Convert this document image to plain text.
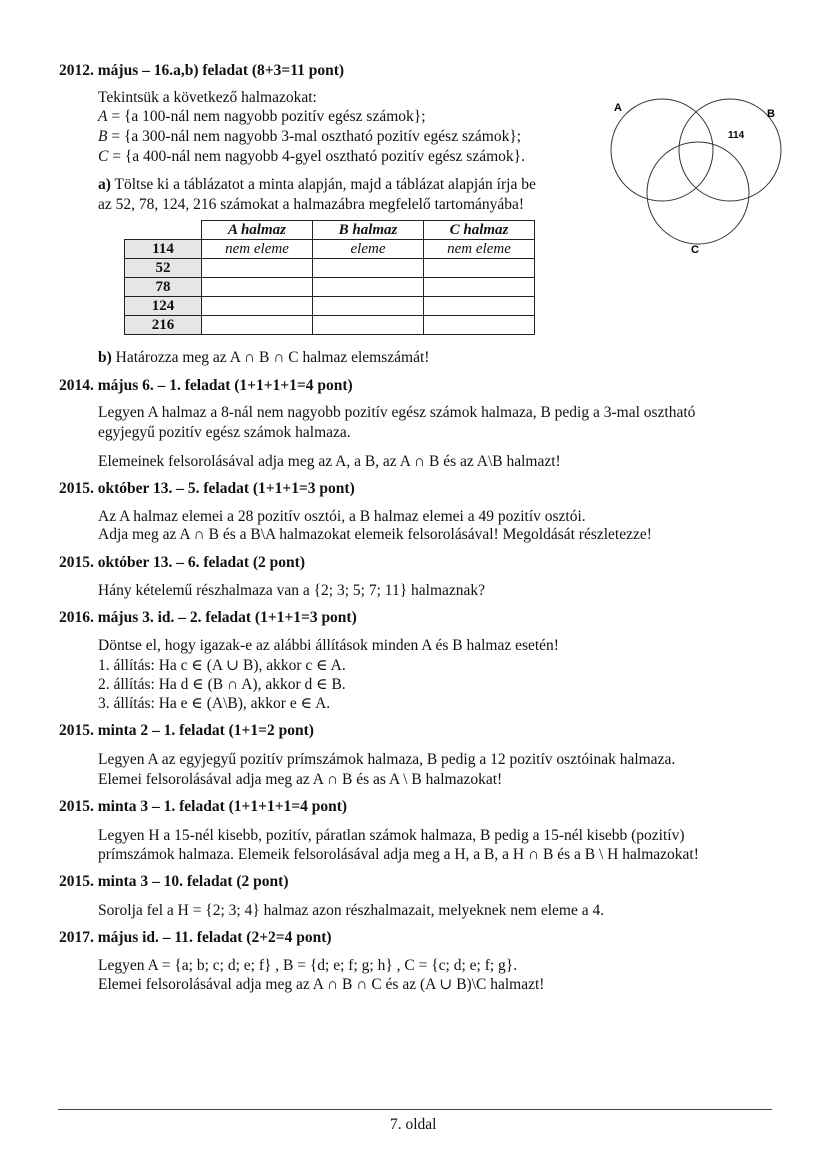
2012. május – 16.a,b) feladat (8+3=11 pont)
Tekintsük a következő halmazokat:
A = {a 100-nál nem nagyobb pozitív egész számok};
B = {a 300-nál nem nagyobb 3-mal osztható pozitív egész számok};
C = {a 400-nál nem nagyobb 4-gyel osztható pozitív egész számok}.
a) Töltse ki a táblázatot a minta alapján, majd a táblázat alapján írja be
az 52, 78, 124, 216 számokat a halmazábra megfelelő tartományába!
	A halmaz	B halmaz	C halmaz
114	nem eleme	eleme	nem eleme
52			
78			
124			
216			
A	B
C
114
b) Határozza meg az A ∩ B ∩ C halmaz elemszámát!
2014. május 6. – 1. feladat (1+1+1+1=4 pont)
Legyen A halmaz a 8-nál nem nagyobb pozitív egész számok halmaza, B pedig a 3-mal osztható
egyjegyű pozitív egész számok halmaza.
Elemeinek felsorolásával adja meg az A, a B, az A ∩ B és az A\B halmazt!
2015. október 13. – 5. feladat (1+1+1=3 pont)
Az A halmaz elemei a 28 pozitív osztói, a B halmaz elemei a 49 pozitív osztói.
Adja meg az A ∩ B és a B\A halmazokat elemeik felsorolásával! Megoldását részletezze!
2015. október 13. – 6. feladat (2 pont)
Hány kételemű részhalmaza van a {2; 3; 5; 7; 11} halmaznak?
2016. május 3. id. – 2. feladat (1+1+1=3 pont)
Döntse el, hogy igazak-e az alábbi állítások minden A és B halmaz esetén!
1. állítás: Ha c ∈ (A ∪ B), akkor c ∈ A.
2. állítás: Ha d ∈ (B ∩ A), akkor d ∈ B.
3. állítás: Ha e ∈ (A\B), akkor e ∈ A.
2015. minta 2 – 1. feladat (1+1=2 pont)
Legyen A az egyjegyű pozitív prímszámok halmaza, B pedig a 12 pozitív osztóinak halmaza.
Elemei felsorolásával adja meg az A ∩ B és as A \ B halmazokat!
2015. minta 3 – 1. feladat (1+1+1+1=4 pont)
Legyen H a 15-nél kisebb, pozitív, páratlan számok halmaza, B pedig a 15-nél kisebb (pozitív)
prímszámok halmaza. Elemeik felsorolásával adja meg a H, a B, a H ∩ B és a B \ H halmazokat!
2015. minta 3 – 10. feladat (2 pont)
Sorolja fel a H = {2; 3; 4} halmaz azon részhalmazait, melyeknek nem eleme a 4.
2017. május id. – 11. feladat (2+2=4 pont)
Legyen A = {a; b; c; d; e; f} , B = {d; e; f; g; h} , C = {c; d; e; f; g}.
Elemei felsorolásával adja meg az A ∩ B ∩ C és az (A ∪ B)\C halmazt!
7. oldal
